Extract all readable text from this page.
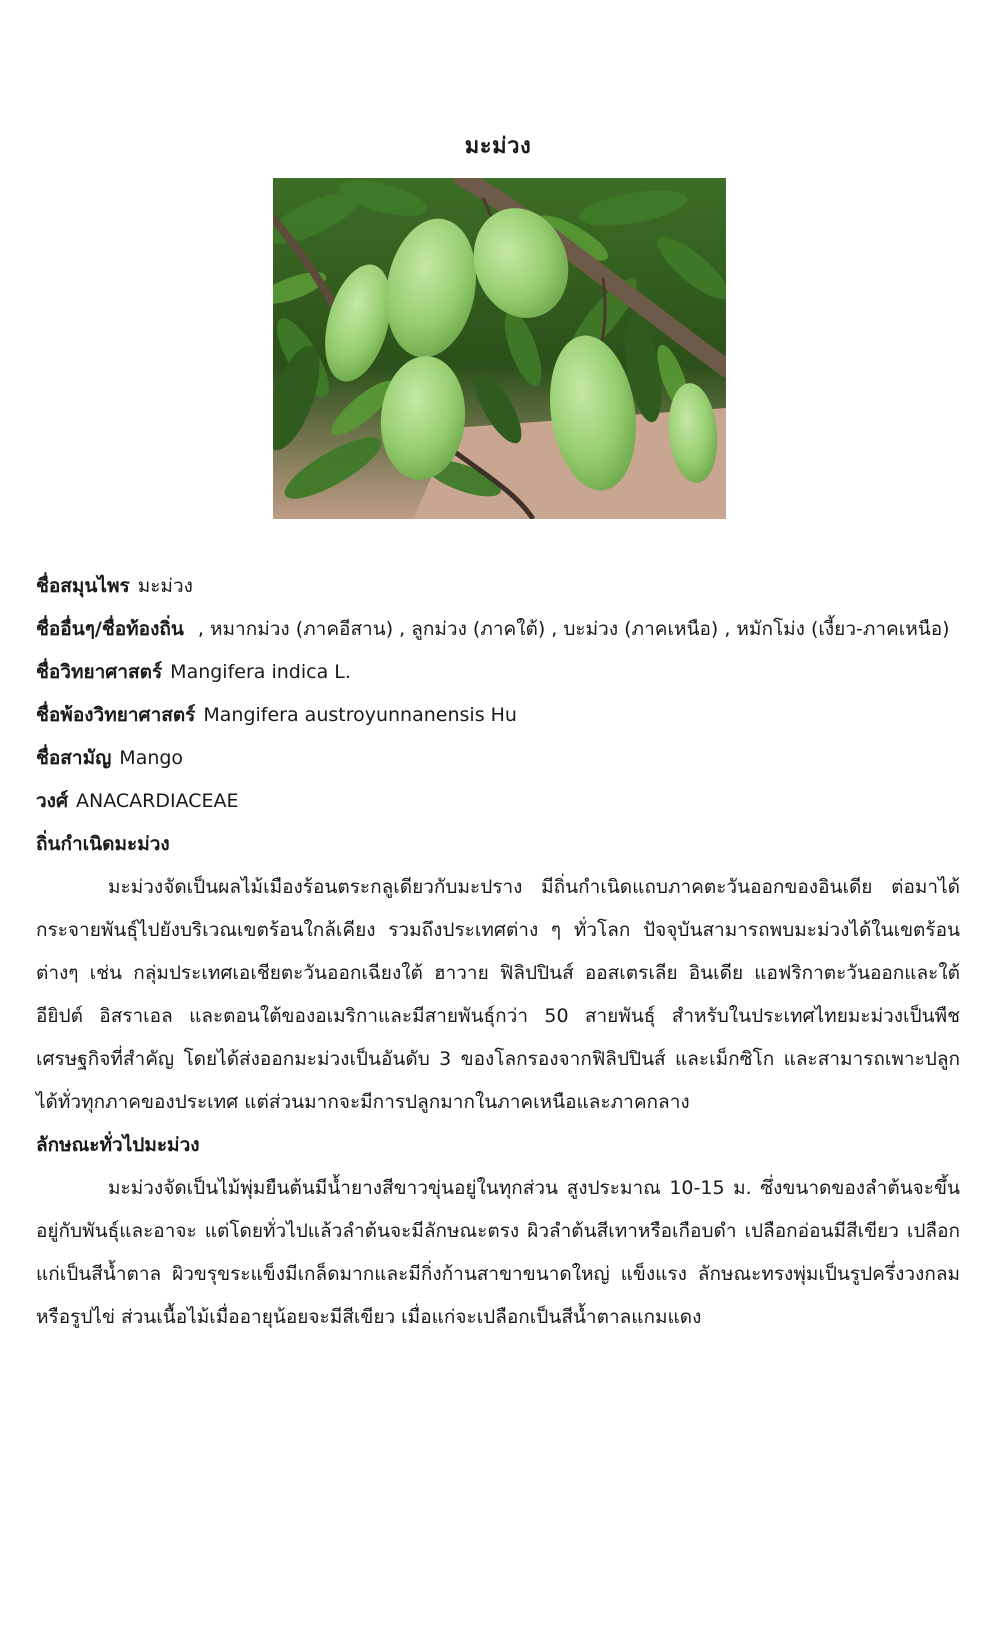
มะม่วง

ชื่อสมุนไพร มะม่วง

ชื่ออื่นๆ/ชื่อท้องถิ่น , หมากม่วง (ภาคอีสาน) , ลูกม่วง (ภาคใต้) , บะม่วง (ภาคเหนือ) , หมักโม่ง (เงี้ยว-ภาคเหนือ)

ชื่อวิทยาศาสตร์ Mangifera indica L.

ชื่อพ้องวิทยาศาสตร์ Mangifera austroyunnanensis Hu

ชื่อสามัญ Mango

วงศ์ ANACARDIACEAE

ถิ่นกำเนิดมะม่วง

มะม่วงจัดเป็นผลไม้เมืองร้อนตระกลูเดียวกับมะปราง มีถิ่นกำเนิดแถบภาคตะวันออกของอินเดีย ต่อมาได้กระจายพันธุ์ไปยังบริเวณเขตร้อนใกล้เคียง รวมถึงประเทศต่าง ๆ ทั่วโลก ปัจจุบันสามารถพบมะม่วงได้ในเขตร้อนต่างๆ เช่น กลุ่มประเทศเอเชียตะวันออกเฉียงใต้ ฮาวาย ฟิลิปปินส์ ออสเตรเลีย อินเดีย แอฟริกาตะวันออกและใต้ อียิปต์ อิสราเอล และตอนใต้ของอเมริกาและมีสายพันธุ์กว่า 50 สายพันธุ์ สำหรับในประเทศไทยมะม่วงเป็นพืชเศรษฐกิจที่สำคัญ โดยได้ส่งออกมะม่วงเป็นอันดับ 3 ของโลกรองจากฟิลิปปินส์ และเม็กซิโก และสามารถเพาะปลูกได้ทั่วทุกภาคของประเทศ แต่ส่วนมากจะมีการปลูกมากในภาคเหนือและภาคกลาง

ลักษณะทั่วไปมะม่วง

มะม่วงจัดเป็นไม้พุ่มยืนต้นมีน้ำยางสีขาวขุ่นอยู่ในทุกส่วน สูงประมาณ 10-15 ม. ซึ่งขนาดของลำต้นจะขึ้นอยู่กับพันธุ์และอาจะ แต่โดยทั่วไปแล้วลำต้นจะมีลักษณะตรง ผิวลำต้นสีเทาหรือเกือบดำ เปลือกอ่อนมีสีเขียว เปลือกแก่เป็นสีน้ำตาล ผิวขรุขระแข็งมีเกล็ดมากและมีกิ่งก้านสาขาขนาดใหญ่ แข็งแรง ลักษณะทรงพุ่มเป็นรูปครึ่งวงกลมหรือรูปไข่ ส่วนเนื้อไม้เมื่ออายุน้อยจะมีสีเขียว เมื่อแก่จะเปลือกเป็นสีน้ำตาลแกมแดง
